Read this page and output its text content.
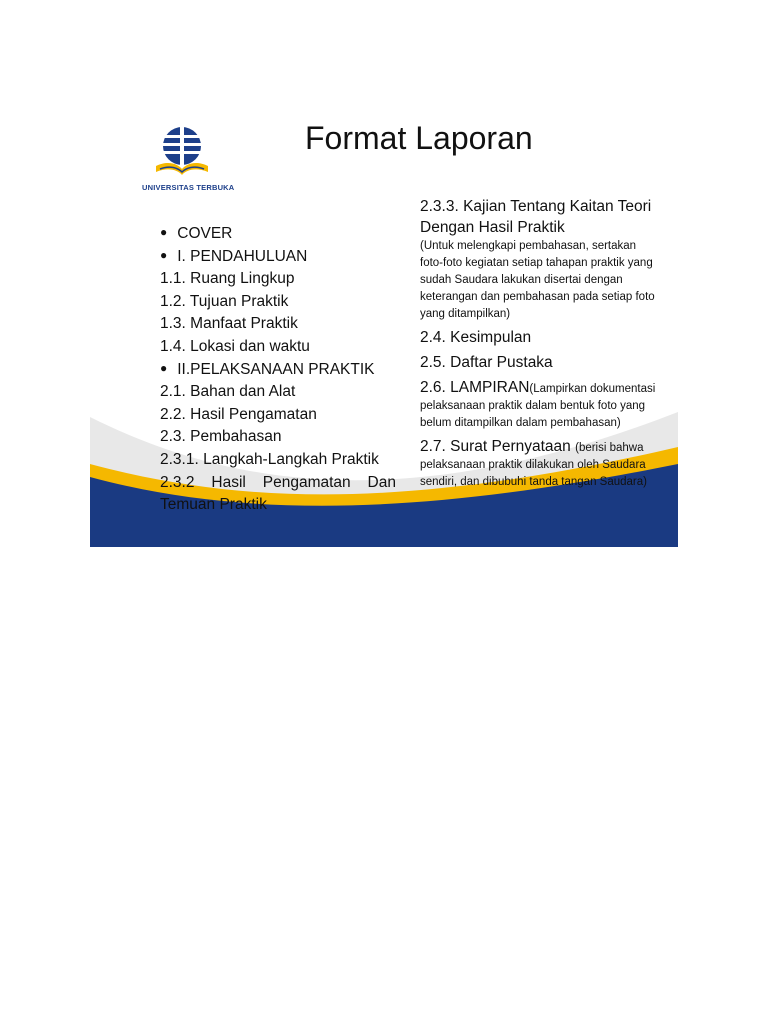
UNIVERSITAS TERBUKA
Format Laporan
● COVER
● I. PENDAHULUAN
1.1. Ruang Lingkup
1.2. Tujuan Praktik
1.3. Manfaat Praktik
1.4. Lokasi dan waktu
● II.PELAKSANAAN PRAKTIK
2.1. Bahan dan Alat
2.2. Hasil Pengamatan
2.3. Pembahasan
2.3.1. Langkah-Langkah Praktik
2.3.2 Hasil Pengamatan Dan
Temuan Praktik
2.3.3. Kajian Tentang Kaitan Teori
Dengan Hasil Praktik
(Untuk melengkapi pembahasan, sertakan
foto-foto kegiatan setiap tahapan praktik yang
sudah Saudara lakukan disertai dengan
keterangan dan pembahasan pada setiap foto
yang ditampilkan)
2.4. Kesimpulan
2.5. Daftar Pustaka
2.6. LAMPIRAN(Lampirkan dokumentasi
pelaksanaan praktik dalam bentuk foto yang
belum ditampilkan dalam pembahasan)
2.7. Surat Pernyataan (berisi bahwa
pelaksanaan praktik dilakukan oleh Saudara
sendiri, dan dibubuhi tanda tangan Saudara)
